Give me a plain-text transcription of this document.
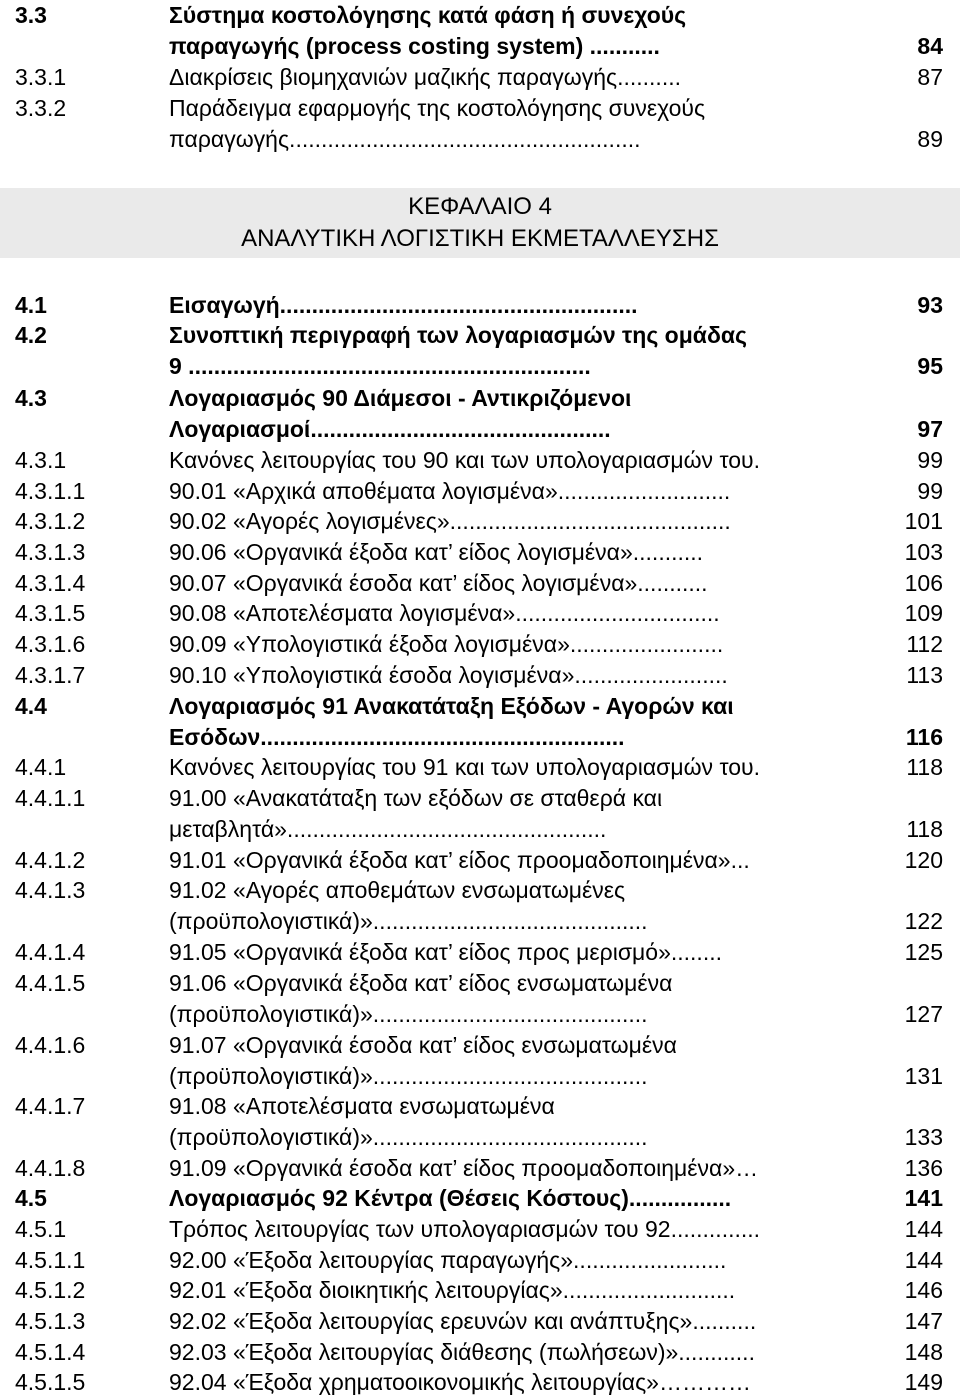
ΚΕΦΑΛΑΙΟ 4
ΑΝΑΛΥΤΙΚΗ ΛΟΓΙΣΤΙΚΗ ΕΚΜΕΤΑΛΛΕΥΣΗΣ
3.3	Σύστημα κοστολόγησης κατά φάση ή συνεχούς
παραγωγής (process costing system) ...........	84
3.3.1	Διακρίσεις βιομηχανιών μαζικής παραγωγής..........	87
3.3.2	Παράδειγμα εφαρμογής της κοστολόγησης συνεχούς
παραγωγής.......................................................	89
4.1	Εισαγωγή........................................................	93
4.2	Συνοπτική περιγραφή των λογαριασμών της ομάδας
9 ...............................................................	95
4.3	Λογαριασμός 90 Διάμεσοι - Αντικριζόμενοι
Λογαριασμοί...............................................	97
4.3.1	Κανόνες λειτουργίας του 90 και των υπολογαριασμών του.	99
4.3.1.1	90.01 «Αρχικά αποθέματα λογισμένα»...........................	99
4.3.1.2	90.02 «Αγορές λογισμένες»............................................	101
4.3.1.3	90.06 «Οργανικά έξοδα κατ’ είδος λογισμένα»...........	103
4.3.1.4	90.07 «Οργανικά έσοδα κατ’ είδος λογισμένα»...........	106
4.3.1.5	90.08 «Αποτελέσματα λογισμένα»................................	109
4.3.1.6	90.09 «Υπολογιστικά έξοδα λογισμένα»........................	112
4.3.1.7	90.10 «Υπολογιστικά έσοδα λογισμένα»........................	113
4.4	Λογαριασμός 91 Ανακατάταξη Εξόδων - Αγορών και
Εσόδων.........................................................	116
4.4.1	Κανόνες λειτουργίας του 91 και των υπολογαριασμών του.	118
4.4.1.1	91.00 «Ανακατάταξη των εξόδων σε σταθερά και
μεταβλητά»..................................................	118
4.4.1.2	91.01 «Οργανικά έξοδα κατ’ είδος προομαδοποιημένα»...	120
4.4.1.3	91.02 «Αγορές αποθεμάτων ενσωματωμένες
(προϋπολογιστικά)»...........................................	122
4.4.1.4	91.05 «Οργανικά έξοδα κατ’ είδος προς μερισμό»........	125
4.4.1.5	91.06 «Οργανικά έξοδα κατ’ είδος ενσωματωμένα
(προϋπολογιστικά)»...........................................	127
4.4.1.6	91.07 «Οργανικά έσοδα κατ’ είδος ενσωματωμένα
(προϋπολογιστικά)»...........................................	131
4.4.1.7	91.08 «Αποτελέσματα ενσωματωμένα
(προϋπολογιστικά)»...........................................	133
4.4.1.8	91.09 «Οργανικά έσοδα κατ’ είδος προομαδοποιημένα»…	136
4.5	Λογαριασμός 92 Κέντρα (Θέσεις Κόστους)................	141
4.5.1	Τρόπος λειτουργίας των υπολογαριασμών του 92..............	144
4.5.1.1	92.00 «Έξοδα λειτουργίας παραγωγής»........................	144
4.5.1.2	92.01 «Έξοδα διοικητικής λειτουργίας»...........................	146
4.5.1.3	92.02 «Έξοδα λειτουργίας ερευνών και ανάπτυξης»..........	147
4.5.1.4	92.03 «Έξοδα λειτουργίας διάθεσης (πωλήσεων)»............	148
4.5.1.5	92.04 «Έξοδα χρηματοοικονομικής λειτουργίας»…………	149
